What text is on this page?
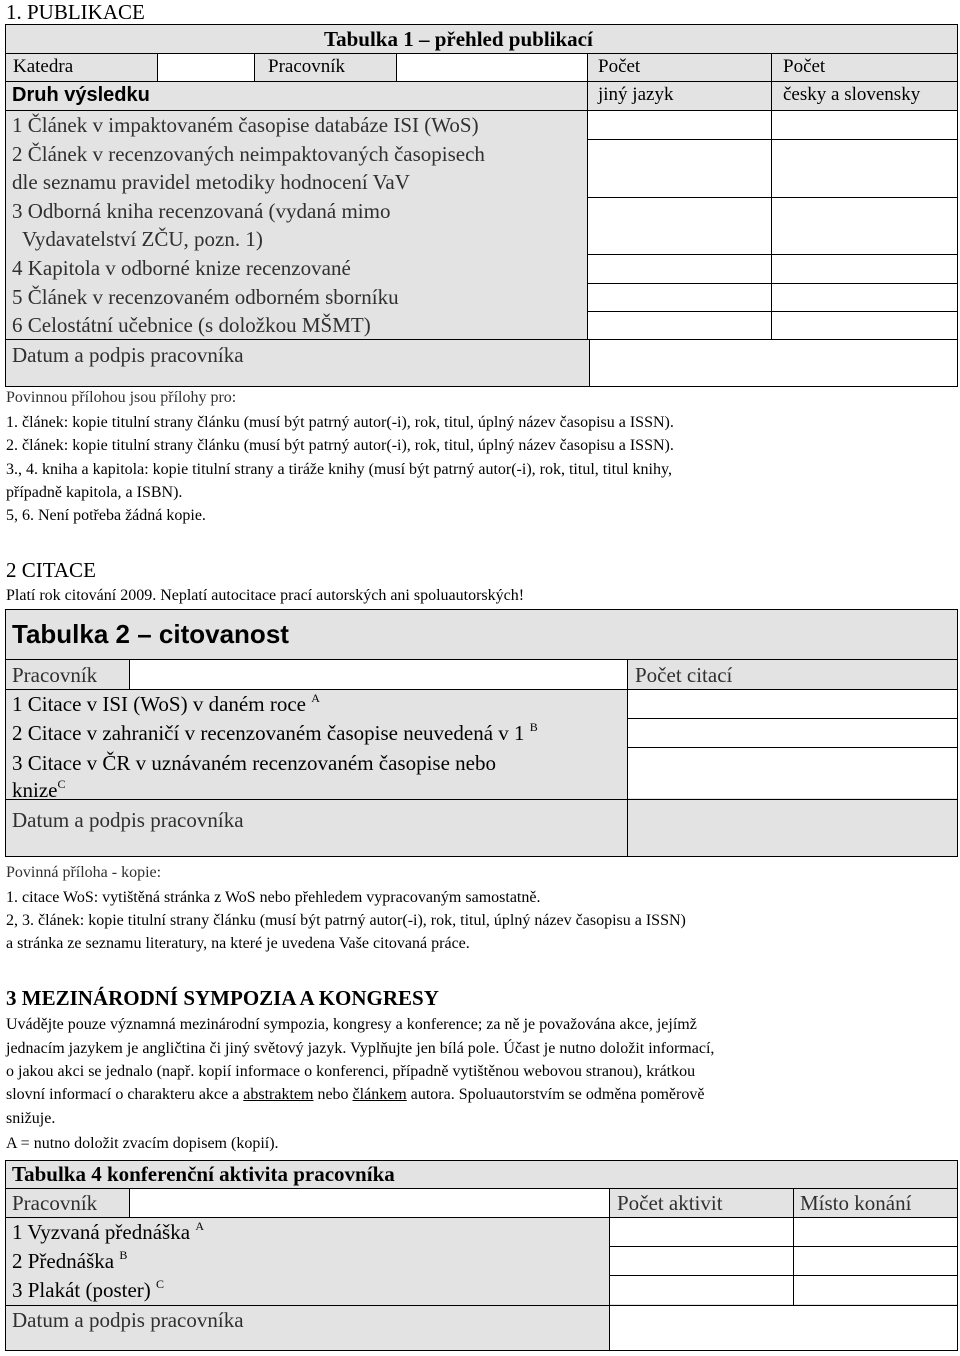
1. PUBLIKACE
Tabulka 1 – přehled publikací
Katedra	Pracovník	Počet	Počet
Druh výsledku	jiný jazyk	česky a slovensky
1 Článek v impaktovaném časopise databáze ISI (WoS)
2 Článek v recenzovaných neimpaktovaných časopisech
dle seznamu pravidel metodiky hodnocení VaV
3 Odborná kniha recenzovaná (vydaná mimo
Vydavatelství ZČU, pozn. 1)
4 Kapitola v odborné knize recenzované
5 Článek v recenzovaném odborném sborníku
6 Celostátní učebnice (s doložkou MŠMT)
Datum a podpis pracovníka
Povinnou přílohou jsou přílohy pro:
1. článek: kopie titulní strany článku (musí být patrný autor(-i), rok, titul, úplný název časopisu a ISSN).
2. článek: kopie titulní strany článku (musí být patrný autor(-i), rok, titul, úplný název časopisu a ISSN).
3., 4. kniha a kapitola: kopie titulní strany a tiráže knihy (musí být patrný autor(-i), rok, titul, titul knihy,
případně kapitola, a ISBN).
5, 6. Není potřeba žádná kopie.
2 CITACE
Platí rok citování 2009. Neplatí autocitace prací autorských ani spoluautorských!
Tabulka 2 – citovanost
Pracovník	Počet citací
1 Citace v ISI (WoS) v daném roce $^A$
2 Citace v zahraničí v recenzovaném časopise neuvedená v 1 $^B$
3 Citace v ČR v uznávaném recenzovaném časopise nebo
knize$^C$
Datum a podpis pracovníka
Povinná příloha - kopie:
1. citace WoS: vytištěná stránka z WoS nebo přehledem vypracovaným samostatně.
2, 3. článek: kopie titulní strany článku (musí být patrný autor(-i), rok, titul, úplný název časopisu a ISSN)
a stránka ze seznamu literatury, na které je uvedena Vaše citovaná práce.
3 MEZINÁRODNÍ SYMPOZIA A KONGRESY
Uvádějte pouze významná mezinárodní sympozia, kongresy a konference; za ně je považována akce, jejímž
jednacím jazykem je angličtina či jiný světový jazyk. Vyplňujte jen bílá pole. Účast je nutno doložit informací,
o jakou akci se jednalo (např. kopií informace o konferenci, případně vytištěnou webovou stranou), krátkou
slovní informací o charakteru akce a abstraktem nebo článkem autora. Spoluautorstvím se odměna poměrově
snižuje.
A = nutno doložit zvacím dopisem (kopií).
Tabulka 4 konferenční aktivita pracovníka
Pracovník	Počet aktivit	Místo konání
1 Vyzvaná přednáška $^A$
2 Přednáška $^B$
3 Plakát (poster) $^C$
Datum a podpis pracovníka
